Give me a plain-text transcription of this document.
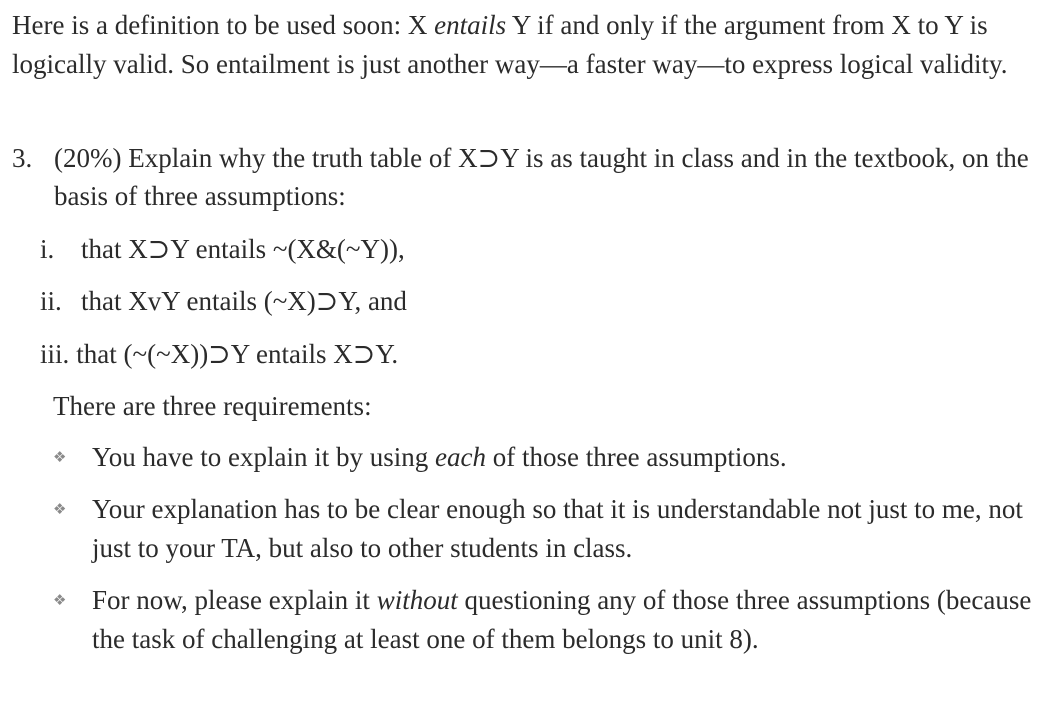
Here is a definition to be used soon: X entails Y if and only if the argument from X to Y is logically valid. So entailment is just another way—a faster way—to express logical validity.
3. (20%) Explain why the truth table of X⊃Y is as taught in class and in the textbook, on the basis of three assumptions:
i. that X⊃Y entails ~(X&(~Y)),
ii. that XvY entails (~X)⊃Y, and
iii. that (~(~X))⊃Y entails X⊃Y.
There are three requirements:
❖ You have to explain it by using each of those three assumptions.
❖ Your explanation has to be clear enough so that it is understandable not just to me, not just to your TA, but also to other students in class.
❖ For now, please explain it without questioning any of those three assumptions (because the task of challenging at least one of them belongs to unit 8).
